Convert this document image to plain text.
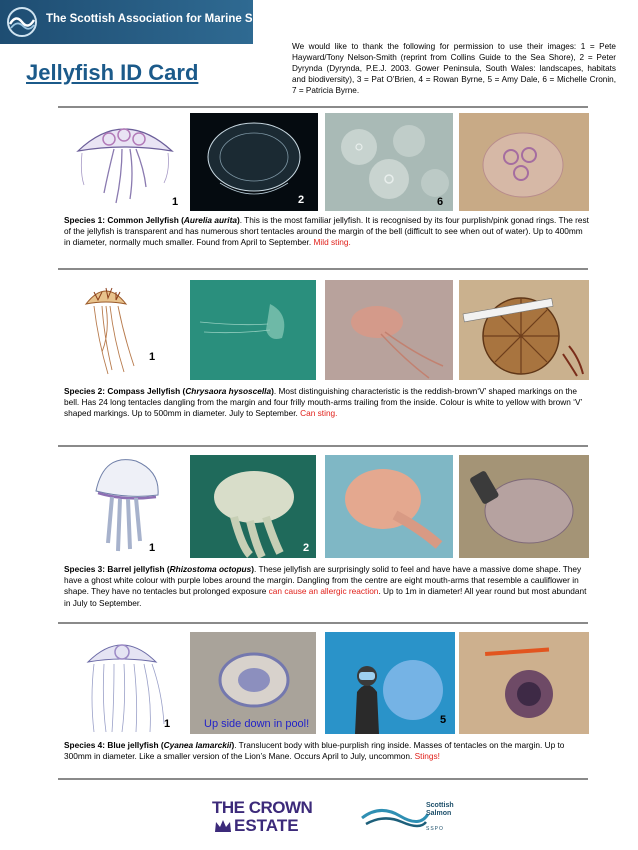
The Scottish Association for Marine Science
Jellyfish ID Card
We would like to thank the following for permission to use their images: 1 = Pete Hayward/Tony Nelson-Smith (reprint from Collins Guide to the Sea Shore), 2 = Peter Dyrynda (Dyrynda, P.E.J. 2003. Gower Peninsula, South Wales: landscapes, habitats and biodiversity), 3 = Pat O’Brien, 4 = Rowan Byrne, 5 = Amy Dale, 6 = Michelle Cronin, 7 = Patricia Byrne.
1	2	6
Species 1: Common Jellyfish (Aurelia aurita). This is the most familiar jellyfish. It is recognised by its four purplish/pink gonad rings. The rest of the jellyfish is transparent and has numerous short tentacles around the margin of the bell (difficult to see when out of water). Up to 400mm in diameter, normally much smaller. Found from April to September. Mild sting.
1
Species 2: Compass Jellyfish (Chrysaora hysoscella). Most distinguishing characteristic is the reddish-brown‘V’ shaped markings on the bell. Has 24 long tentacles dangling from the margin and four frilly mouth-arms trailing from the inside. Colour is white to yellow with brown ‘V’ shaped markings. Up to 500mm in diameter. July to September. Can sting.
1	2
Species 3: Barrel jellyfish (Rhizostoma octopus). These jellyfish are surprisingly solid to feel and have have a massive dome shape. They have a ghost white colour with purple lobes around the margin. Dangling from the centre are eight mouth-arms that resemble a cauliflower in shape. They have no tentacles but prolonged exposure can cause an allergic reaction. Up to 1m in diameter! All year round but most abundant in July to September.
1	Up side down in pool!	5
Species 4: Blue jellyfish (Cyanea lamarckii). Translucent body with blue-purplish ring inside. Masses of tentacles on the margin. Up to 300mm in diameter. Like a smaller version of the Lion’s Mane. Occurs April to July, uncommon. Stings!
THE CROWN
ESTATE
Scottish
Salmon
SSPO
